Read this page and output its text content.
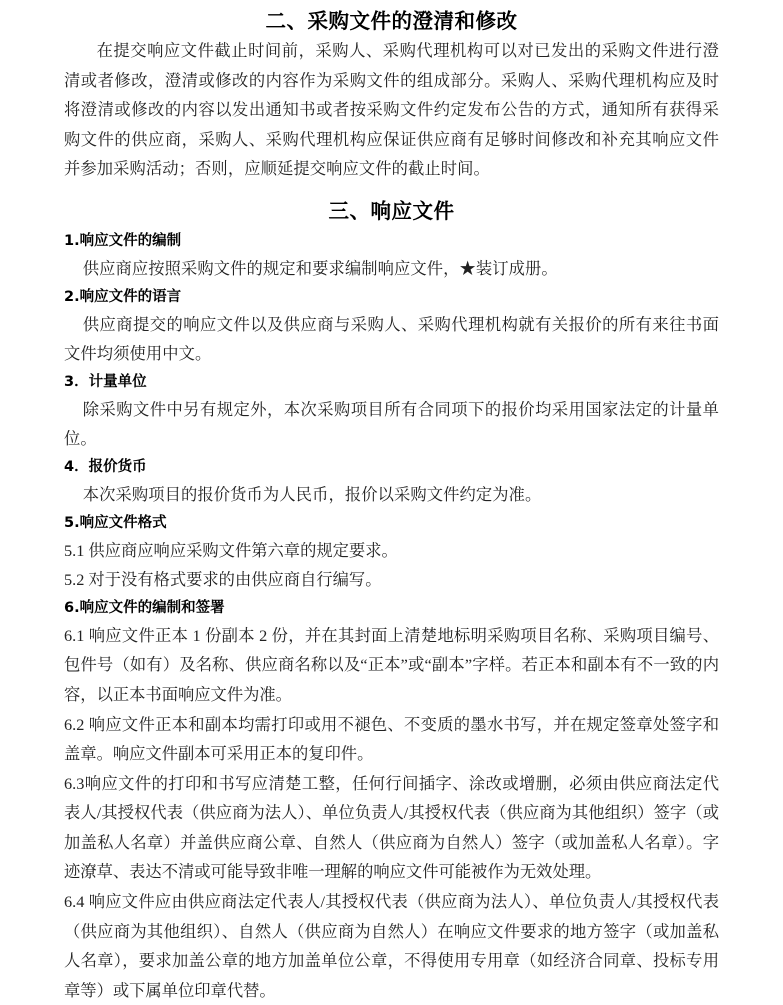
二、采购文件的澄清和修改

在提交响应文件截止时间前，采购人、采购代理机构可以对已发出的采购文件进行澄清或者修改，澄清或修改的内容作为采购文件的组成部分。采购人、采购代理机构应及时将澄清或修改的内容以发出通知书或者按采购文件约定发布公告的方式，通知所有获得采购文件的供应商，采购人、采购代理机构应保证供应商有足够时间修改和补充其响应文件并参加采购活动；否则，应顺延提交响应文件的截止时间。

三、响应文件
1.响应文件的编制

供应商应按照采购文件的规定和要求编制响应文件，★装订成册。

2.响应文件的语言

供应商提交的响应文件以及供应商与采购人、采购代理机构就有关报价的所有来往书面文件均须使用中文。

3．计量单位

除采购文件中另有规定外，本次采购项目所有合同项下的报价均采用国家法定的计量单位。

4．报价货币

本次采购项目的报价货币为人民币，报价以采购文件约定为准。

5.响应文件格式

5.1 供应商应响应采购文件第六章的规定要求。

5.2 对于没有格式要求的由供应商自行编写。

6.响应文件的编制和签署

6.1 响应文件正本 1 份副本 2 份，并在其封面上清楚地标明采购项目名称、采购项目编号、包件号（如有）及名称、供应商名称以及“正本”或“副本”字样。若正本和副本有不一致的内容，以正本书面响应文件为准。

6.2 响应文件正本和副本均需打印或用不褪色、不变质的墨水书写，并在规定签章处签字和盖章。响应文件副本可采用正本的复印件。

6.3响应文件的打印和书写应清楚工整，任何行间插字、涂改或增删，必须由供应商法定代表人/其授权代表（供应商为法人）、单位负责人/其授权代表（供应商为其他组织）签字（或加盖私人名章）并盖供应商公章、自然人（供应商为自然人）签字（或加盖私人名章）。字迹潦草、表达不清或可能导致非唯一理解的响应文件可能被作为无效处理。

6.4 响应文件应由供应商法定代表人/其授权代表（供应商为法人）、单位负责人/其授权代表（供应商为其他组织）、自然人（供应商为自然人）在响应文件要求的地方签字（或加盖私人名章），要求加盖公章的地方加盖单位公章，不得使用专用章（如经济合同章、投标专用章等）或下属单位印章代替。
